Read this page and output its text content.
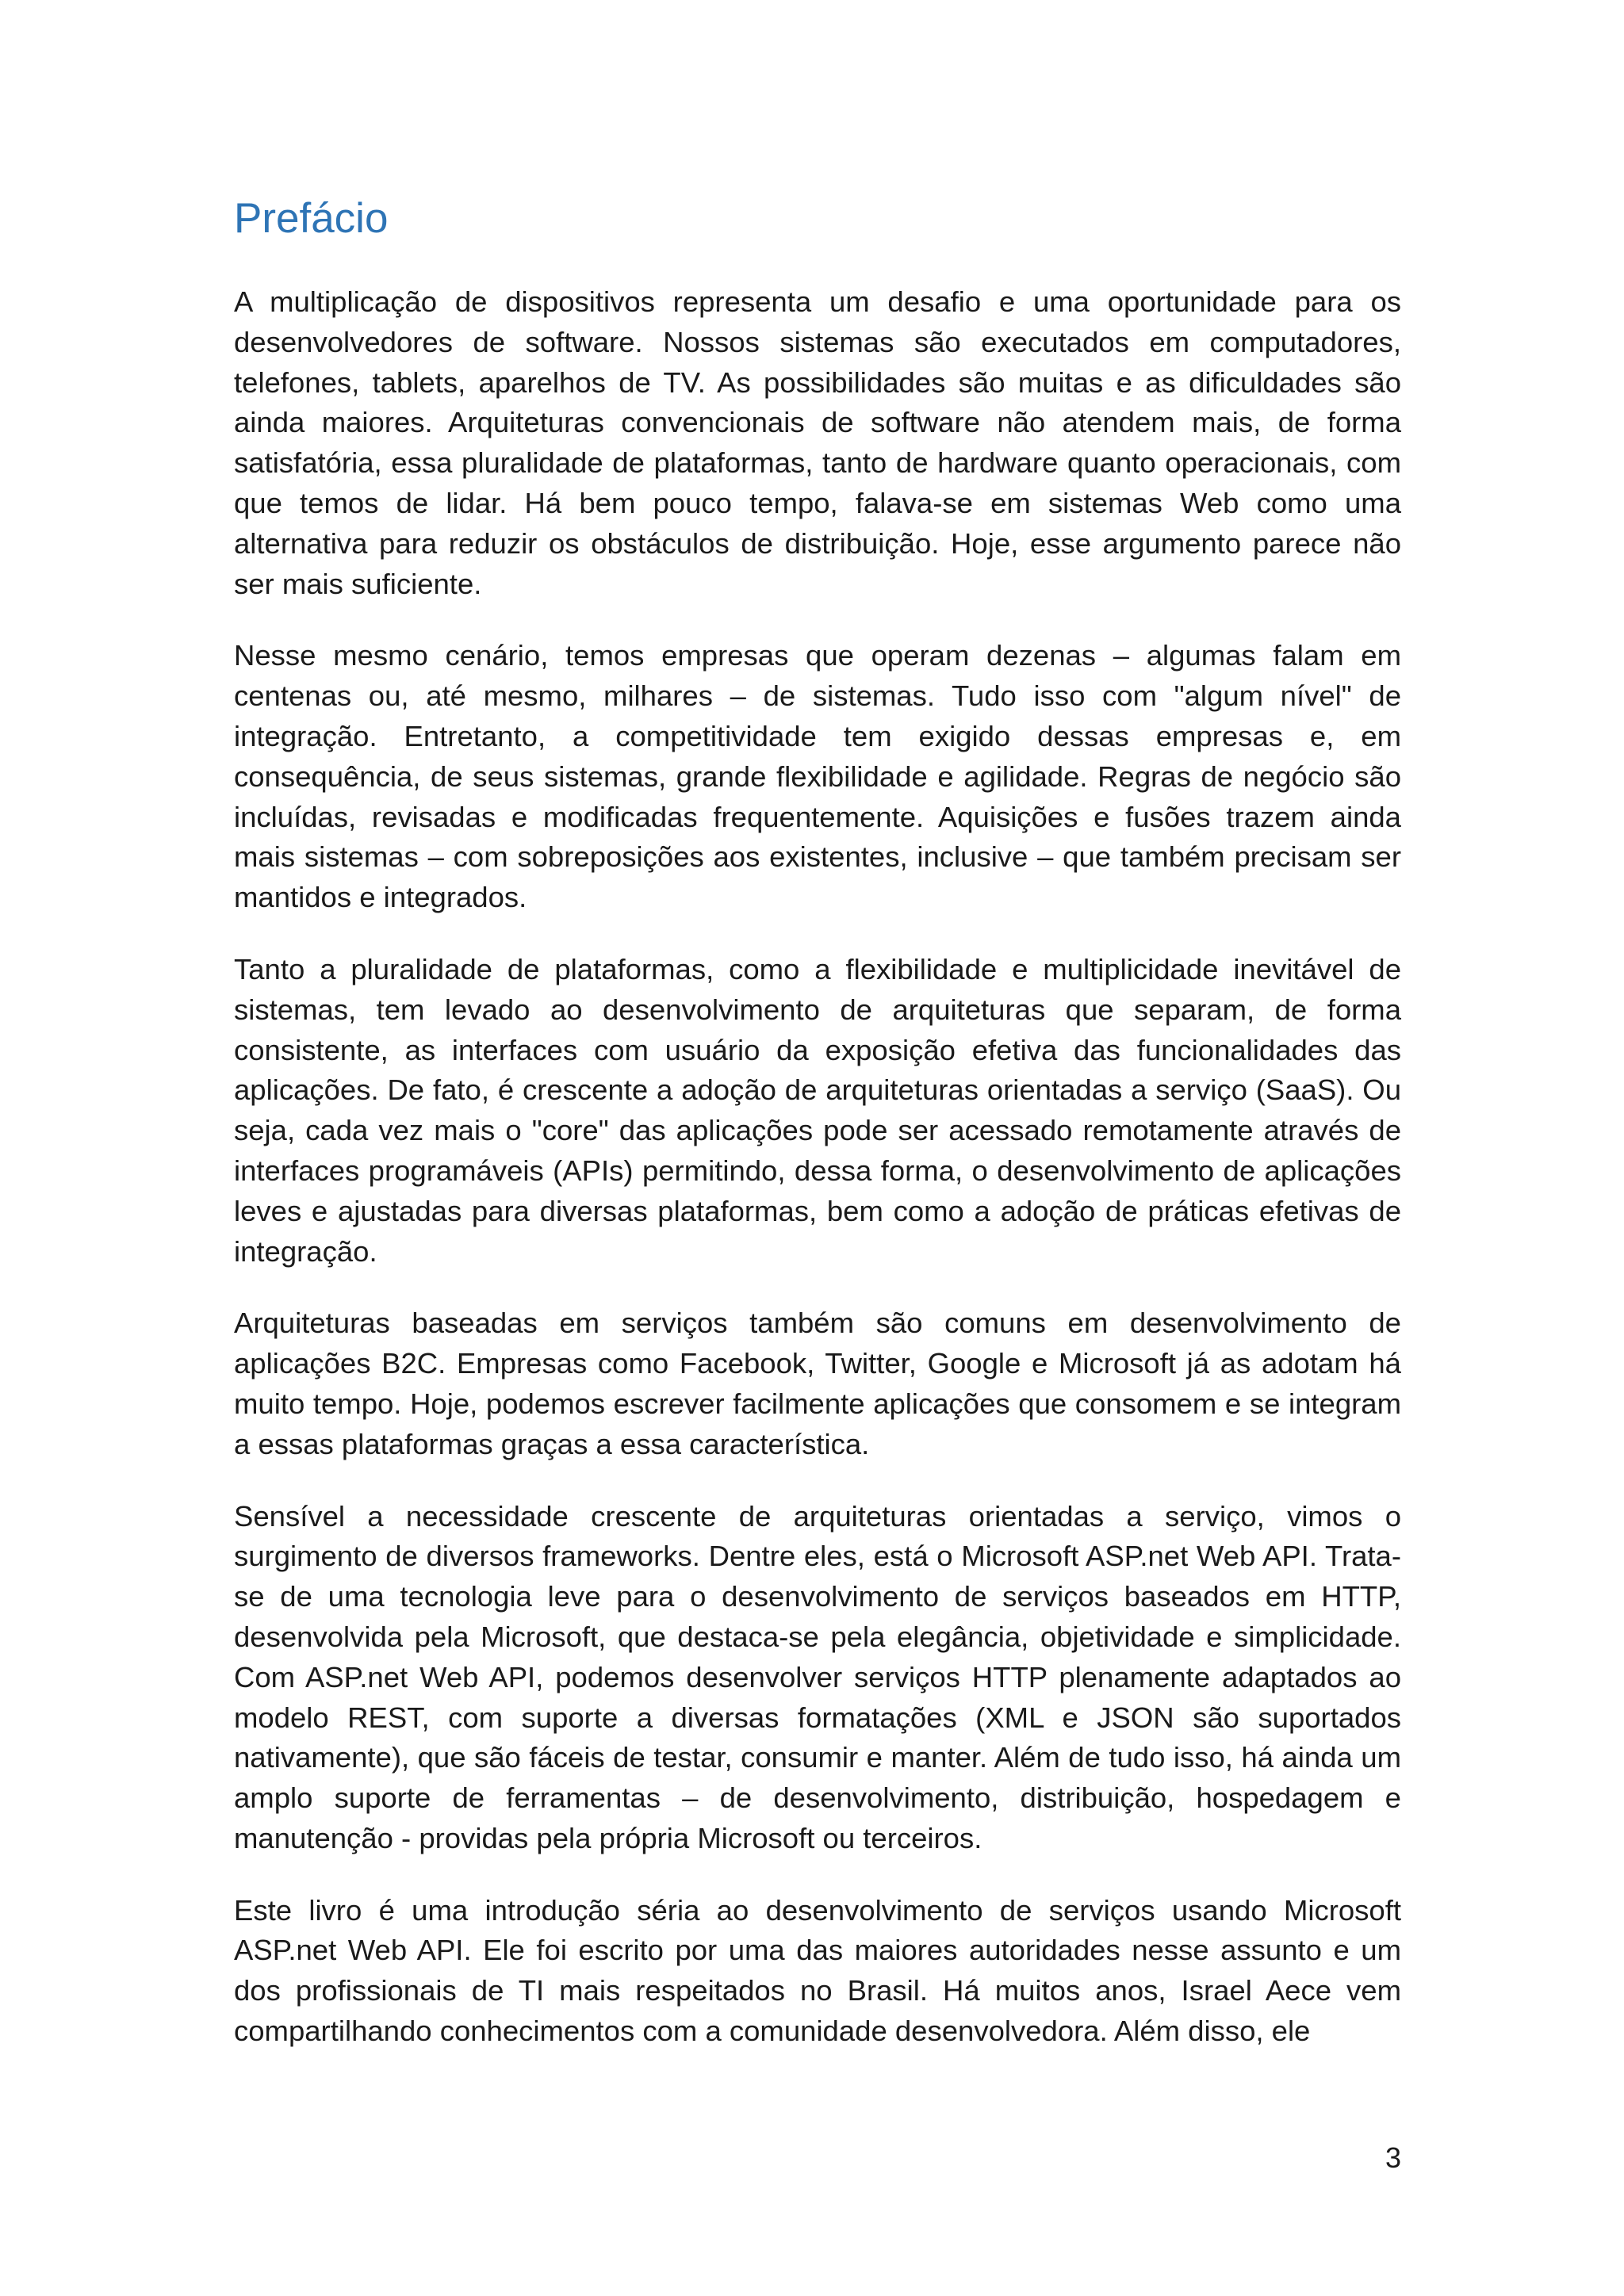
Prefácio

A multiplicação de dispositivos representa um desafio e uma oportunidade para os desenvolvedores de software. Nossos sistemas são executados em computadores, telefones, tablets, aparelhos de TV. As possibilidades são muitas e as dificuldades são ainda maiores. Arquiteturas convencionais de software não atendem mais, de forma satisfatória, essa pluralidade de plataformas, tanto de hardware quanto operacionais, com que temos de lidar. Há bem pouco tempo, falava-se em sistemas Web como uma alternativa para reduzir os obstáculos de distribuição. Hoje, esse argumento parece não ser mais suficiente.

Nesse mesmo cenário, temos empresas que operam dezenas – algumas falam em centenas ou, até mesmo, milhares – de sistemas. Tudo isso com "algum nível" de integração. Entretanto, a competitividade tem exigido dessas empresas e, em consequência, de seus sistemas, grande flexibilidade e agilidade. Regras de negócio são incluídas, revisadas e modificadas frequentemente. Aquisições e fusões trazem ainda mais sistemas – com sobreposições aos existentes, inclusive – que também precisam ser mantidos e integrados.

Tanto a pluralidade de plataformas, como a flexibilidade e multiplicidade inevitável de sistemas, tem levado ao desenvolvimento de arquiteturas que separam, de forma consistente, as interfaces com usuário da exposição efetiva das funcionalidades das aplicações. De fato, é crescente a adoção de arquiteturas orientadas a serviço (SaaS). Ou seja, cada vez mais o "core" das aplicações pode ser acessado remotamente através de interfaces programáveis (APIs) permitindo, dessa forma, o desenvolvimento de aplicações leves e ajustadas para diversas plataformas, bem como a adoção de práticas efetivas de integração.

Arquiteturas baseadas em serviços também são comuns em desenvolvimento de aplicações B2C. Empresas como Facebook, Twitter, Google e Microsoft já as adotam há muito tempo. Hoje, podemos escrever facilmente aplicações que consomem e se integram a essas plataformas graças a essa característica.

Sensível a necessidade crescente de arquiteturas orientadas a serviço, vimos o surgimento de diversos frameworks. Dentre eles, está o Microsoft ASP.net Web API. Trata-se de uma tecnologia leve para o desenvolvimento de serviços baseados em HTTP, desenvolvida pela Microsoft, que destaca-se pela elegância, objetividade e simplicidade. Com ASP.net Web API, podemos desenvolver serviços HTTP plenamente adaptados ao modelo REST, com suporte a diversas formatações (XML e JSON são suportados nativamente), que são fáceis de testar, consumir e manter. Além de tudo isso, há ainda um amplo suporte de ferramentas – de desenvolvimento, distribuição, hospedagem e manutenção - providas pela própria Microsoft ou terceiros.

Este livro é uma introdução séria ao desenvolvimento de serviços usando Microsoft ASP.net Web API. Ele foi escrito por uma das maiores autoridades nesse assunto e um dos profissionais de TI mais respeitados no Brasil. Há muitos anos, Israel Aece vem compartilhando conhecimentos com a comunidade desenvolvedora. Além disso, ele

3
